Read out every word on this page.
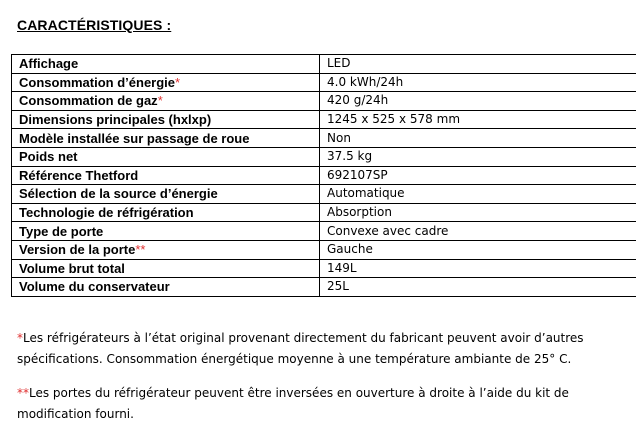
CARACTÉRISTIQUES :
Affichage	LED
Consommation d’énergie*	4.0 kWh/24h
Consommation de gaz*	420 g/24h
Dimensions principales (hxlxp)	1245 x 525 x 578 mm
Modèle installée sur passage de roue	Non
Poids net	37.5 kg
Référence Thetford	692107SP
Sélection de la source d’énergie	Automatique
Technologie de réfrigération	Absorption
Type de porte	Convexe avec cadre
Version de la porte**	Gauche
Volume brut total	149L
Volume du conservateur	25L

*Les réfrigérateurs à l’état original provenant directement du fabricant peuvent avoir d’autres spécifications. Consommation énergétique moyenne à une température ambiante de 25° C.

**Les portes du réfrigérateur peuvent être inversées en ouverture à droite à l’aide du kit de modification fourni.
